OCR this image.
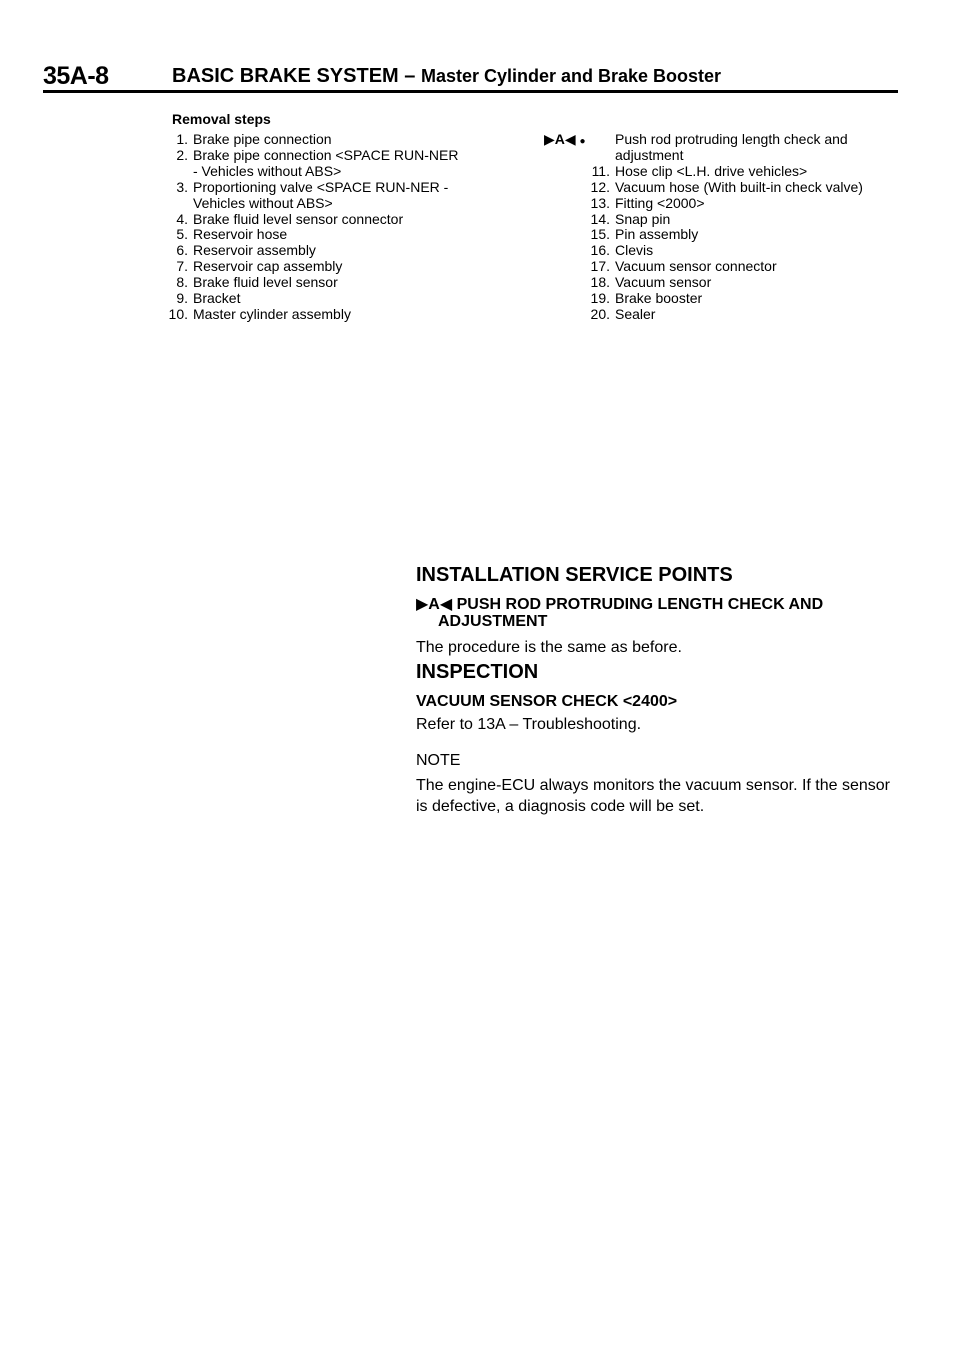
35A-8	BASIC BRAKE SYSTEM – Master Cylinder and Brake Booster
Removal steps
1. Brake pipe connection
2. Brake pipe connection <SPACE RUN-NER - Vehicles without ABS>
3. Proportioning valve <SPACE RUN-NER - Vehicles without ABS>
4. Brake fluid level sensor connector
5. Reservoir hose
6. Reservoir assembly
7. Reservoir cap assembly
8. Brake fluid level sensor
9. Bracket
10. Master cylinder assembly
▶A◀ ● Push rod protruding length check and adjustment
11. Hose clip <L.H. drive vehicles>
12. Vacuum hose (With built-in check valve)
13. Fitting <2000>
14. Snap pin
15. Pin assembly
16. Clevis
17. Vacuum sensor connector
18. Vacuum sensor
19. Brake booster
20. Sealer
INSTALLATION SERVICE POINTS
▶A◀ PUSH ROD PROTRUDING LENGTH CHECK AND
ADJUSTMENT
The procedure is the same as before.
INSPECTION
VACUUM SENSOR CHECK <2400>
Refer to 13A – Troubleshooting.
NOTE
The engine-ECU always monitors the vacuum sensor. If the sensor is defective, a diagnosis code will be set.
